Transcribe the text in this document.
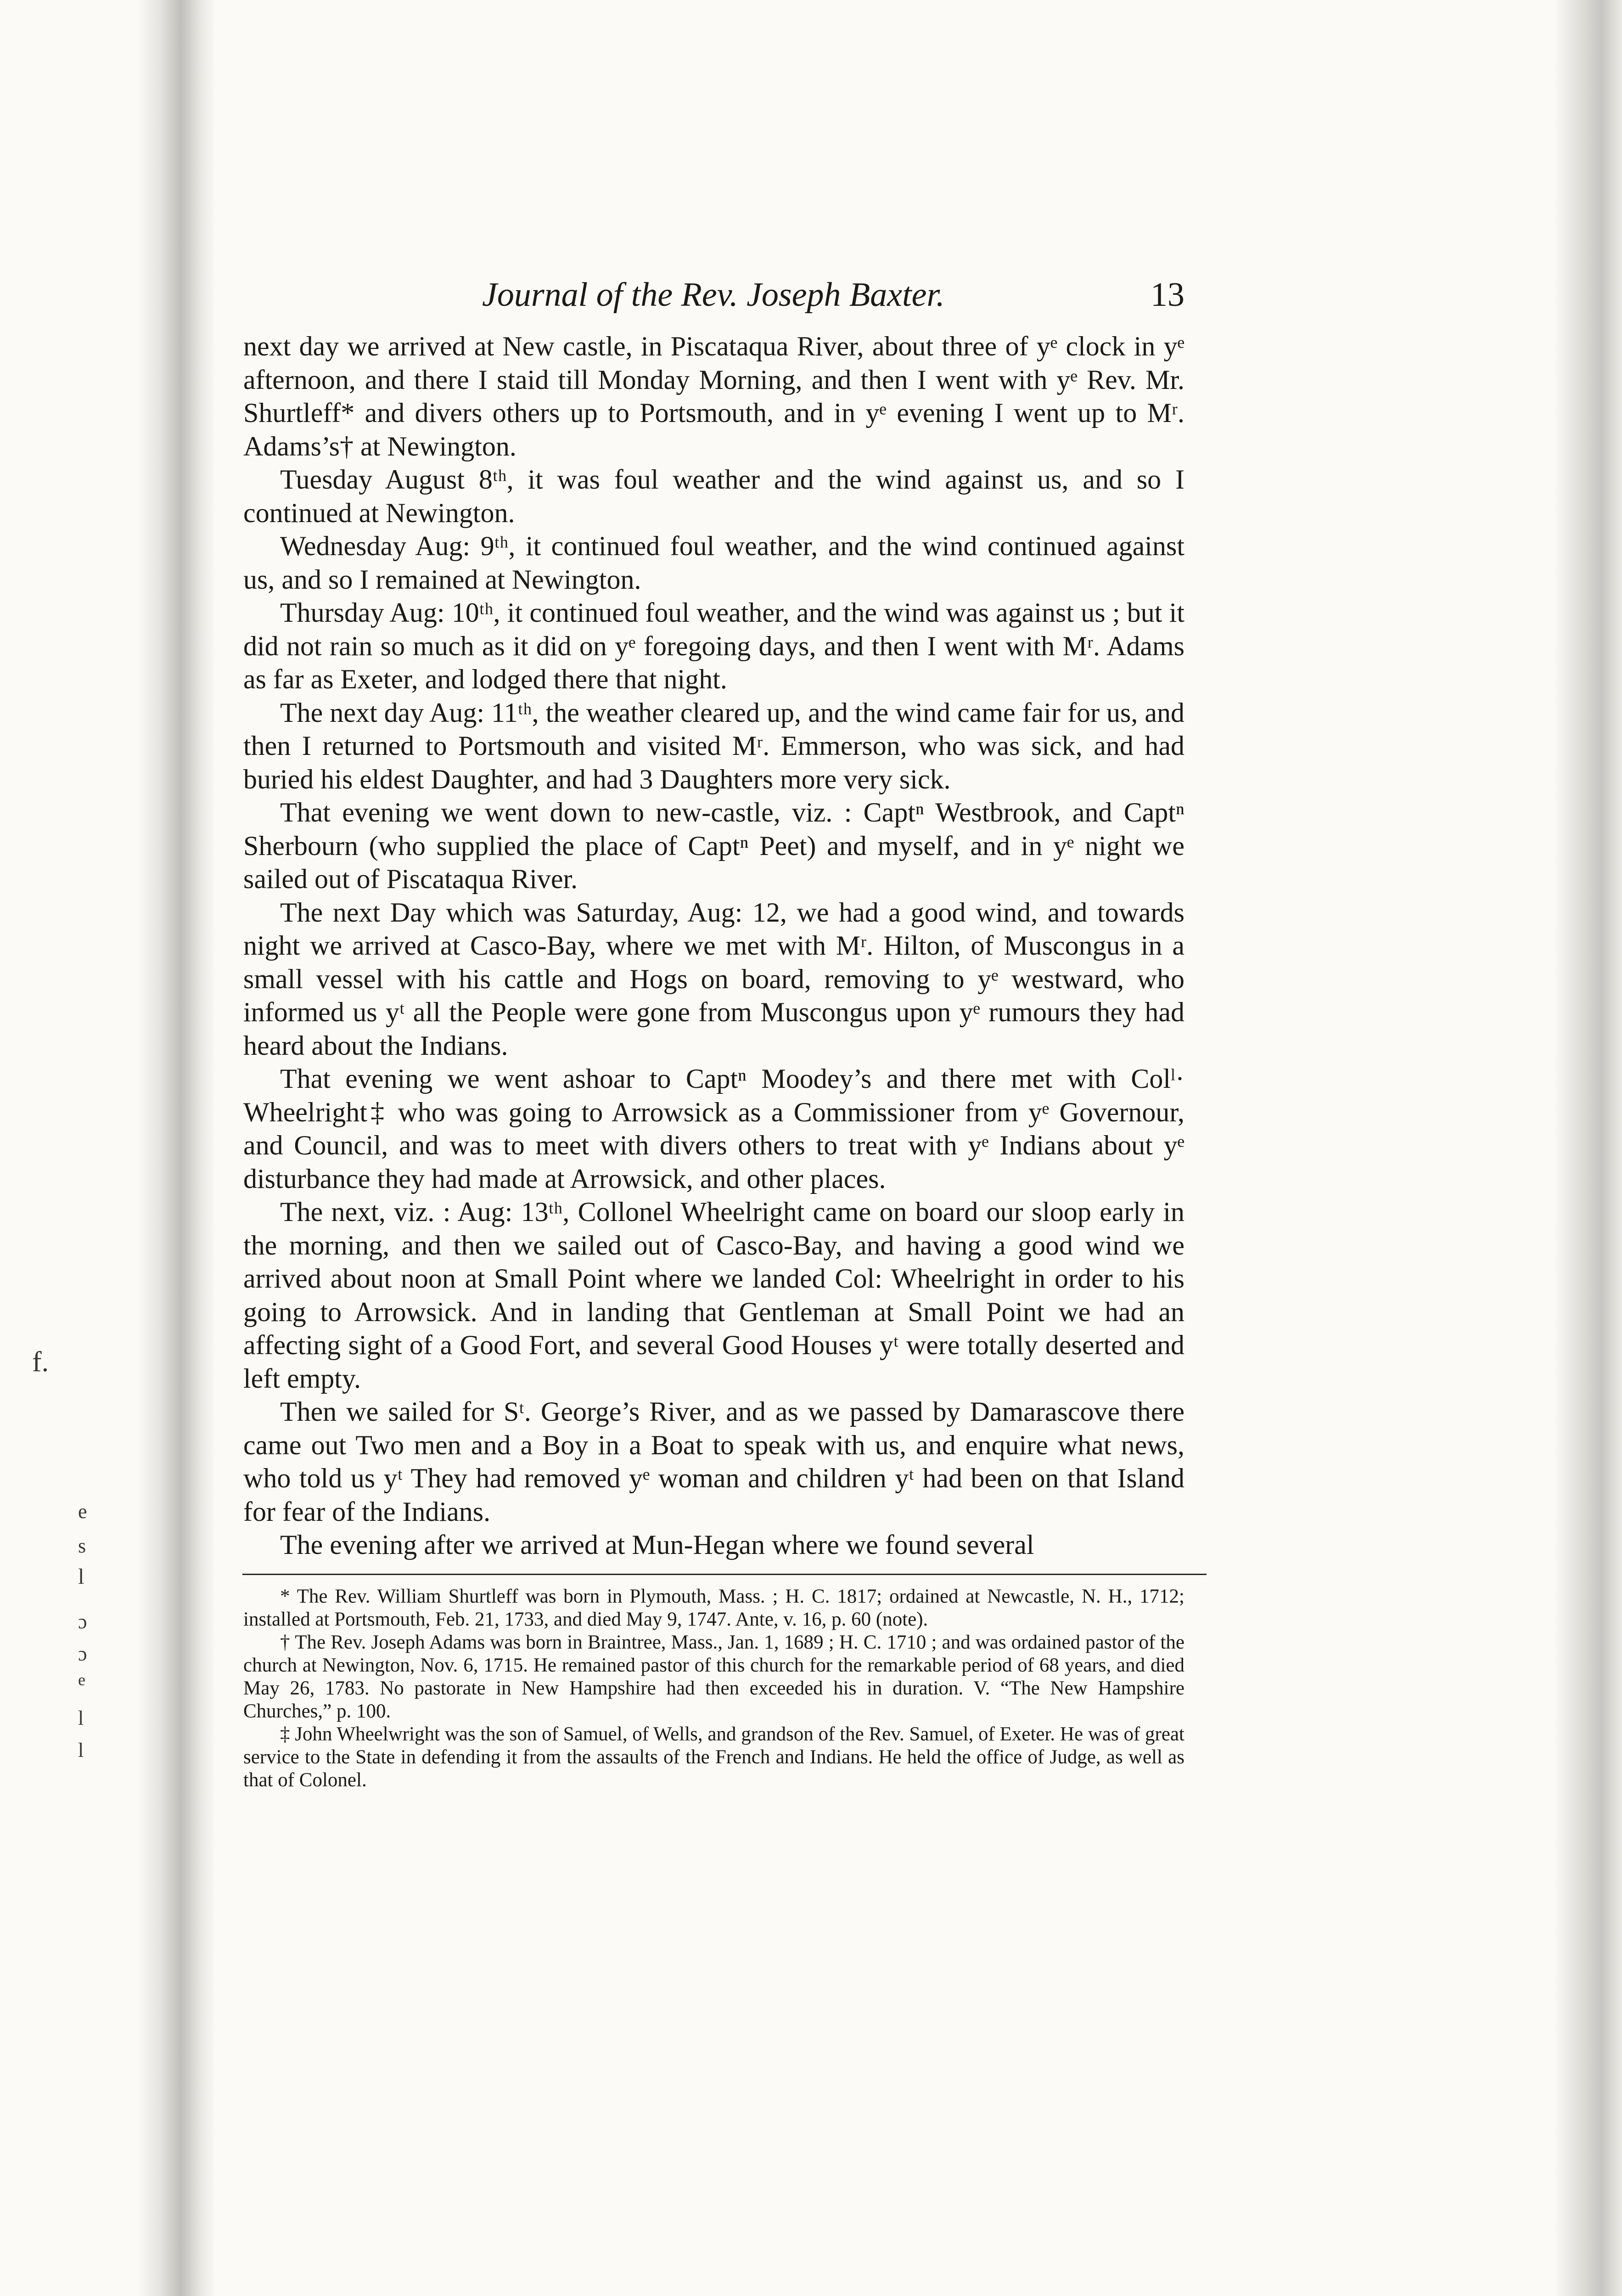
f.
e
s
l
ɔ
ɔ
e
l
l
Journal of the Rev. Joseph Baxter.	13

next day we arrived at New castle, in Piscataqua River, about three of yᵉ clock in yᵉ afternoon, and there I staid till Monday Morning, and then I went with yᵉ Rev. Mr. Shurtleff* and divers others up to Portsmouth, and in yᵉ evening I went up to Mʳ. Adams’s† at Newington.

Tuesday August 8ᵗʰ, it was foul weather and the wind against us, and so I continued at Newington.

Wednesday Aug: 9ᵗʰ, it continued foul weather, and the wind continued against us, and so I remained at Newington.

Thursday Aug: 10ᵗʰ, it continued foul weather, and the wind was against us ; but it did not rain so much as it did on yᵉ foregoing days, and then I went with Mʳ. Adams as far as Exeter, and lodged there that night.

The next day Aug: 11ᵗʰ, the weather cleared up, and the wind came fair for us, and then I returned to Portsmouth and visited Mʳ. Emmerson, who was sick, and had buried his eldest Daughter, and had 3 Daughters more very sick.

That evening we went down to new-castle, viz. : Captⁿ Westbrook, and Captⁿ Sherbourn (who supplied the place of Captⁿ Peet) and myself, and in yᵉ night we sailed out of Piscataqua River.

The next Day which was Saturday, Aug: 12, we had a good wind, and towards night we arrived at Casco-Bay, where we met with Mʳ. Hilton, of Muscongus in a small vessel with his cattle and Hogs on board, removing to yᵉ westward, who informed us yᵗ all the People were gone from Muscongus upon yᵉ rumours they had heard about the Indians.

That evening we went ashoar to Captⁿ Moodey’s and there met with Colˡ· Wheelright‡ who was going to Arrowsick as a Commissioner from yᵉ Governour, and Council, and was to meet with divers others to treat with yᵉ Indians about yᵉ disturbance they had made at Arrowsick, and other places.

The next, viz. : Aug: 13ᵗʰ, Collonel Wheelright came on board our sloop early in the morning, and then we sailed out of Casco-Bay, and having a good wind we arrived about noon at Small Point where we landed Col: Wheelright in order to his going to Arrowsick. And in landing that Gentleman at Small Point we had an affecting sight of a Good Fort, and several Good Houses yᵗ were totally deserted and left empty.

Then we sailed for Sᵗ. George’s River, and as we passed by Damarascove there came out Two men and a Boy in a Boat to speak with us, and enquire what news, who told us yᵗ They had removed yᵉ woman and children yᵗ had been on that Island for fear of the Indians.

The evening after we arrived at Mun-Hegan where we found several

* The Rev. William Shurtleff was born in Plymouth, Mass. ; H. C. 1817; ordained at Newcastle, N. H., 1712; installed at Portsmouth, Feb. 21, 1733, and died May 9, 1747. Ante, v. 16, p. 60 (note).

† The Rev. Joseph Adams was born in Braintree, Mass., Jan. 1, 1689 ; H. C. 1710 ; and was ordained pastor of the church at Newington, Nov. 6, 1715. He remained pastor of this church for the remarkable period of 68 years, and died May 26, 1783. No pastorate in New Hampshire had then exceeded his in duration. V. “The New Hampshire Churches,” p. 100.

‡ John Wheelwright was the son of Samuel, of Wells, and grandson of the Rev. Samuel, of Exeter. He was of great service to the State in defending it from the assaults of the French and Indians. He held the office of Judge, as well as that of Colonel.
